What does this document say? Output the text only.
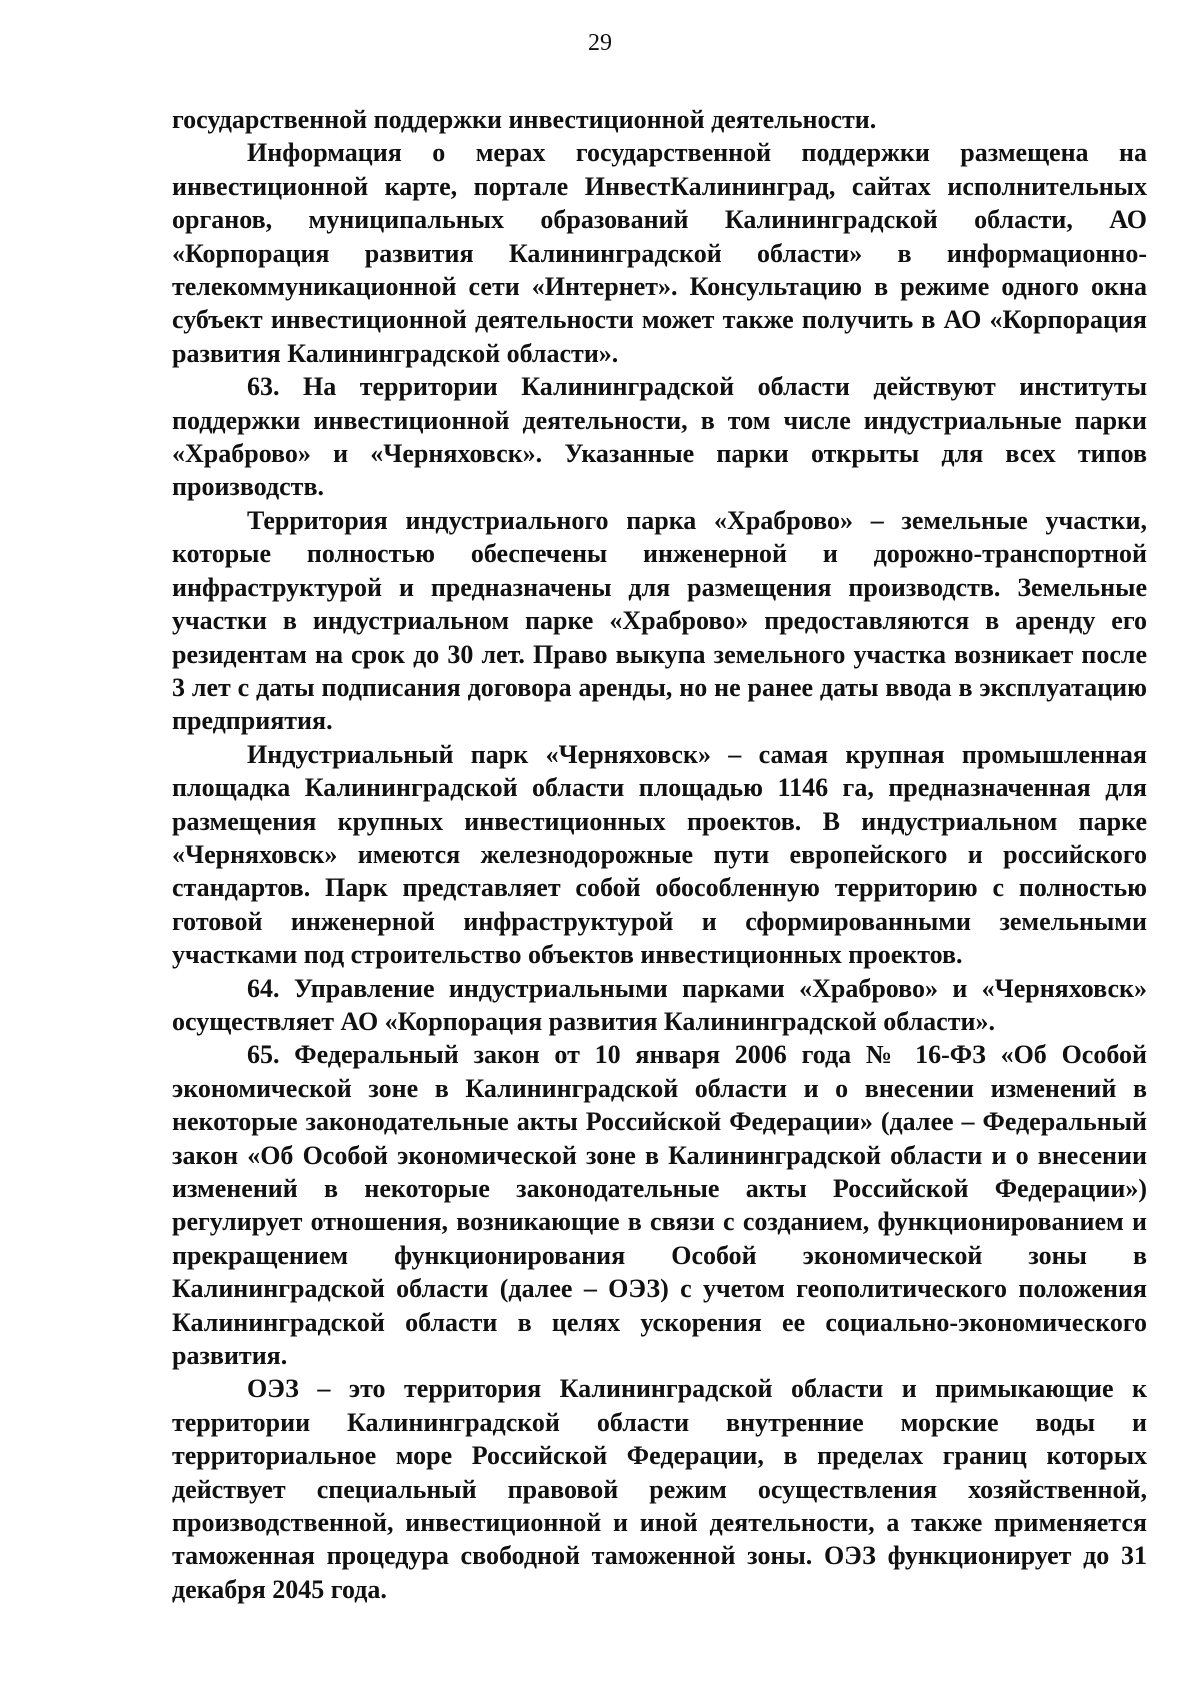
29

государственной поддержки инвестиционной деятельности.

Информация о мерах государственной поддержки размещена на инвестиционной карте, портале ИнвестКалининград, сайтах исполнительных органов, муниципальных образований Калининградской области, АО «Корпорация развития Калининградской области» в информационно-телекоммуникационной сети «Интернет». Консультацию в режиме одного окна субъект инвестиционной деятельности может также получить в АО «Корпорация развития Калининградской области».

63. На территории Калининградской области действуют институты поддержки инвестиционной деятельности, в том числе индустриальные парки «Храброво» и «Черняховск». Указанные парки открыты для всех типов производств.

Территория индустриального парка «Храброво» – земельные участки, которые полностью обеспечены инженерной и дорожно-транспортной инфраструктурой и предназначены для размещения производств. Земельные участки в индустриальном парке «Храброво» предоставляются в аренду его резидентам на срок до 30 лет. Право выкупа земельного участка возникает после 3 лет с даты подписания договора аренды, но не ранее даты ввода в эксплуатацию предприятия.

Индустриальный парк «Черняховск» – самая крупная промышленная площадка Калининградской области площадью 1146 га, предназначенная для размещения крупных инвестиционных проектов. В индустриальном парке «Черняховск» имеются железнодорожные пути европейского и российского стандартов. Парк представляет собой обособленную территорию с полностью готовой инженерной инфраструктурой и сформированными земельными участками под строительство объектов инвестиционных проектов.

64. Управление индустриальными парками «Храброво» и «Черняховск» осуществляет АО «Корпорация развития Калининградской области».

65. Федеральный закон от 10 января 2006 года № 16-ФЗ «Об Особой экономической зоне в Калининградской области и о внесении изменений в некоторые законодательные акты Российской Федерации» (далее – Федеральный закон «Об Особой экономической зоне в Калининградской области и о внесении изменений в некоторые законодательные акты Российской Федерации») регулирует отношения, возникающие в связи с созданием, функционированием и прекращением функционирования Особой экономической зоны в Калининградской области (далее – ОЭЗ) с учетом геополитического положения Калининградской области в целях ускорения ее социально-экономического развития.

ОЭЗ – это территория Калининградской области и примыкающие к территории Калининградской области внутренние морские воды и территориальное море Российской Федерации, в пределах границ которых действует специальный правовой режим осуществления хозяйственной, производственной, инвестиционной и иной деятельности, а также применяется таможенная процедура свободной таможенной зоны. ОЭЗ функционирует до 31 декабря 2045 года.
